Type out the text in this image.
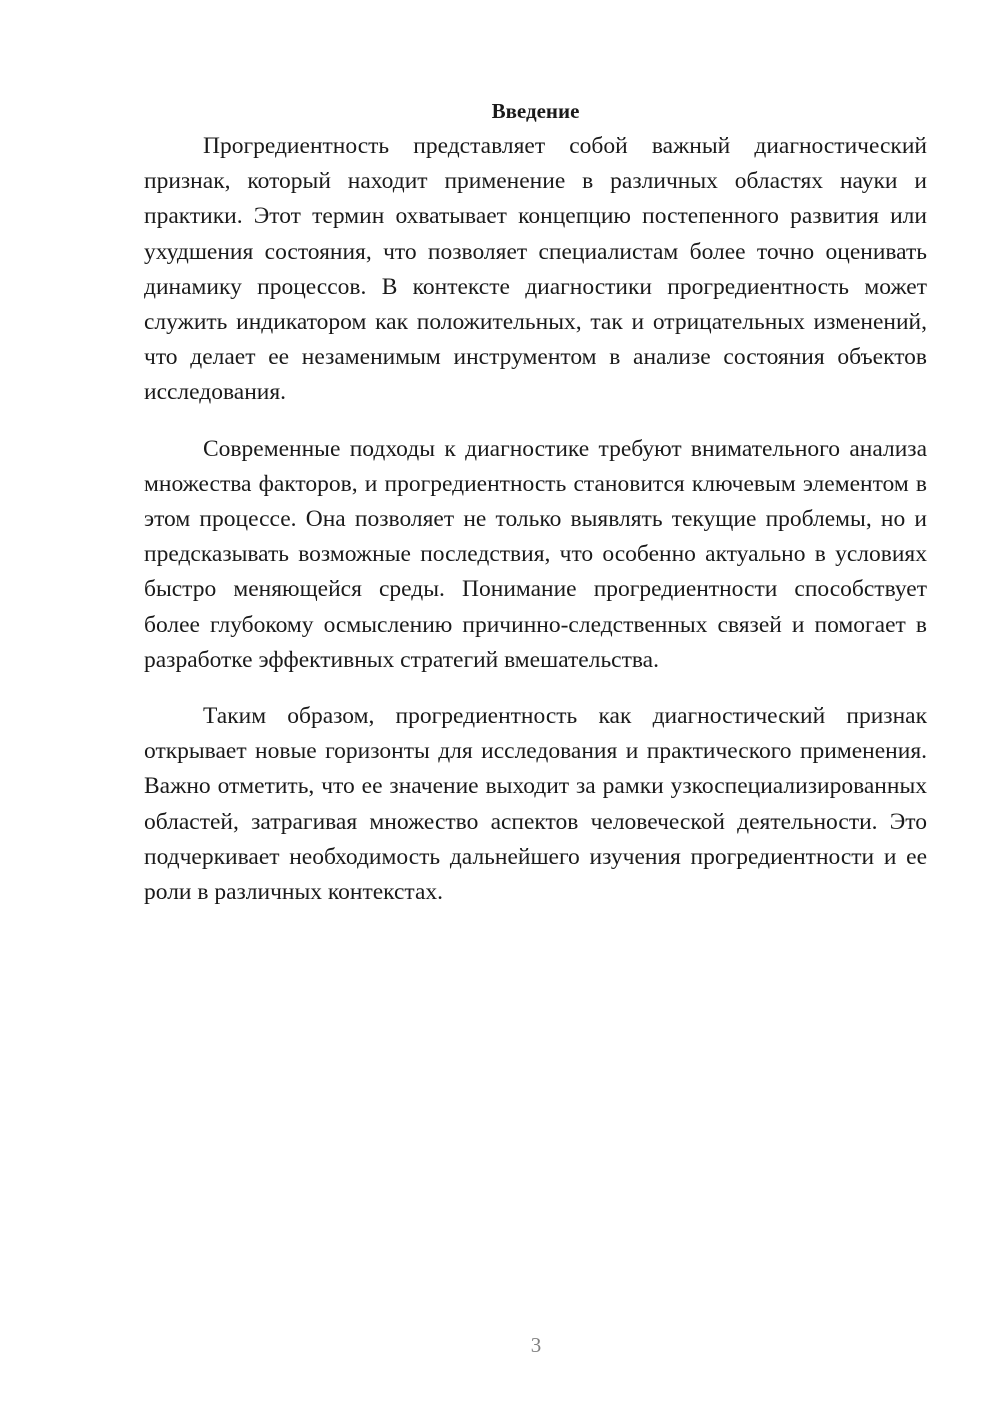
Введение

Прогредиентность представляет собой важный диагностический признак, который находит применение в различных областях науки и практики. Этот термин охватывает концепцию постепенного развития или ухудшения состояния, что позволяет специалистам более точно оценивать динамику процессов. В контексте диагностики прогредиентность может служить индикатором как положительных, так и отрицательных изменений, что делает ее незаменимым инструментом в анализе состояния объектов исследования.

Современные подходы к диагностике требуют внимательного анализа множества факторов, и прогредиентность становится ключевым элементом в этом процессе. Она позволяет не только выявлять текущие проблемы, но и предсказывать возможные последствия, что особенно актуально в условиях быстро меняющейся среды. Понимание прогредиентности способствует более глубокому осмыслению причинно-следственных связей и помогает в разработке эффективных стратегий вмешательства.

Таким образом, прогредиентность как диагностический признак открывает новые горизонты для исследования и практического применения. Важно отметить, что ее значение выходит за рамки узкоспециализированных областей, затрагивая множество аспектов человеческой деятельности. Это подчеркивает необходимость дальнейшего изучения прогредиентности и ее роли в различных контекстах.

3
